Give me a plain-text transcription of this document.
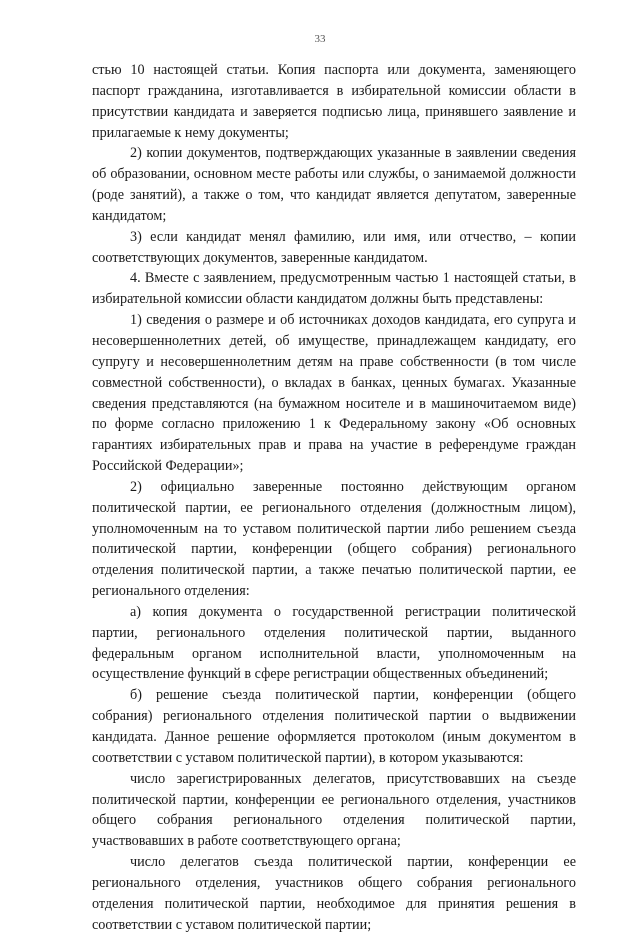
33

стью 10 настоящей статьи. Копия паспорта или документа, заменяющего паспорт гражданина, изготавливается в избирательной комиссии области в присутствии кандидата и заверяется подписью лица, принявшего заявление и прилагаемые к нему документы;

2) копии документов, подтверждающих указанные в заявлении сведения об образовании, основном месте работы или службы, о занимаемой должности (роде занятий), а также о том, что кандидат является депутатом, заверенные кандидатом;

3) если кандидат менял фамилию, или имя, или отчество, – копии соответствующих документов, заверенные кандидатом.

4. Вместе с заявлением, предусмотренным частью 1 настоящей статьи, в избирательной комиссии области кандидатом должны быть представлены:

1) сведения о размере и об источниках доходов кандидата, его супруга и несовершеннолетних детей, об имуществе, принадлежащем кандидату, его супругу и несовершеннолетним детям на праве собственности (в том числе совместной собственности), о вкладах в банках, ценных бумагах. Указанные сведения представляются (на бумажном носителе и в машиночитаемом виде) по форме согласно приложению 1 к Федеральному закону «Об основных гарантиях избирательных прав и права на участие в референдуме граждан Российской Федерации»;

2) официально заверенные постоянно действующим органом политической партии, ее регионального отделения (должностным лицом), уполномоченным на то уставом политической партии либо решением съезда политической партии, конференции (общего собрания) регионального отделения политической партии, а также печатью политической партии, ее регионального отделения:

а) копия документа о государственной регистрации политической партии, регионального отделения политической партии, выданного федеральным органом исполнительной власти, уполномоченным на осуществление функций в сфере регистрации общественных объединений;

б) решение съезда политической партии, конференции (общего собрания) регионального отделения политической партии о выдвижении кандидата. Данное решение оформляется протоколом (иным документом в соответствии с уставом политической партии), в котором указываются:

число зарегистрированных делегатов, присутствовавших на съезде политической партии, конференции ее регионального отделения, участников общего собрания регионального отделения политической партии, участвовавших в работе соответствующего органа;

число делегатов съезда политической партии, конференции ее регионального отделения, участников общего собрания регионального отделения политической партии, необходимое для принятия решения в соответствии с уставом политической партии;
